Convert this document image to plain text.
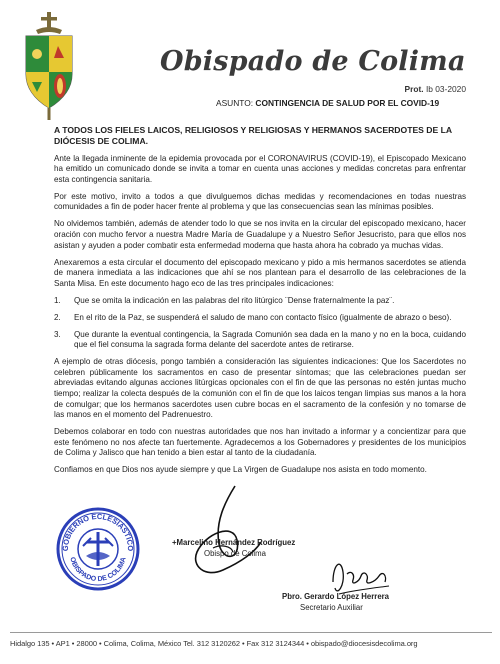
Obispado de Colima
Prot. Ib 03-2020
ASUNTO: CONTINGENCIA DE SALUD POR EL COVID-19

A TODOS LOS FIELES LAICOS, RELIGIOSOS Y RELIGIOSAS Y HERMANOS SACERDOTES DE LA DIÓCESIS DE COLIMA.

Ante la llegada inminente de la epidemia provocada por el CORONAVIRUS (COVID-19), el Episcopado Mexicano ha emitido un comunicado donde se invita a tomar en cuenta unas acciones y medidas concretas para enfrentar esta contingencia sanitaria.

Por este motivo, invito a todos a que divulguemos dichas medidas y recomendaciones en todas nuestras comunidades a fin de poder hacer frente al problema y que las consecuencias sean las mínimas posibles.

No olvidemos también, además de atender todo lo que se nos invita en la circular del episcopado mexicano, hacer oración con mucho fervor a nuestra Madre María de Guadalupe y a Nuestro Señor Jesucristo, para que ellos nos asistan y ayuden a poder combatir esta enfermedad moderna que hasta ahora ha cobrado ya muchas vidas.

Anexaremos a esta circular el documento del episcopado mexicano y pido a mis hermanos sacerdotes se atienda de manera inmediata a las indicaciones que ahí se nos plantean para el desarrollo de las celebraciones de la Santa Misa. En este documento hago eco de las tres principales indicaciones:

1.	Que se omita la indicación en las palabras del rito litúrgico ¨Dense fraternalmente la paz¨.
2.	En el rito de la Paz, se suspenderá el saludo de mano con contacto físico (igualmente de abrazo o beso).
3.	Que durante la eventual contingencia, la Sagrada Comunión sea dada en la mano y no en la boca, cuidando que el fiel consuma la sagrada forma delante del sacerdote antes de retirarse.

A ejemplo de otras diócesis, pongo también a consideración las siguientes indicaciones: Que los Sacerdotes no celebren públicamente los sacramentos en caso de presentar síntomas; que las celebraciones puedan ser abreviadas evitando algunas acciones litúrgicas opcionales con el fin de que las personas no estén juntas mucho tiempo; realizar la colecta después de la comunión con el fin de que los laicos tengan limpias sus manos a la hora de comulgar; que los hermanos sacerdotes usen cubre bocas en el sacramento de la confesión y no tomarse de las manos en el momento del Padrenuestro.

Debemos colaborar en todo con nuestras autoridades que nos han invitado a informar y a concientizar para que este fenómeno no nos afecte tan fuertemente. Agradecemos a los Gobernadores y presidentes de los municipios de Colima y Jalisco que han tenido a bien estar al tanto de la ciudadanía.

Confiamos en que Dios nos ayude siempre y que La Virgen de Guadalupe nos asista en todo momento.

GOBIERNO ECLESIÁSTICO
OBISPADO DE COLIMA
+Marcelino Hernández Rodríguez
Obispo de Colima
Pbro. Gerardo López Herrera
Secretario Auxiliar
Hidalgo 135 • AP1 • 28000 • Colima, Colima, México Tel. 312 3120262 • Fax 312 3124344 • obispado@diocesisdecolima.org
